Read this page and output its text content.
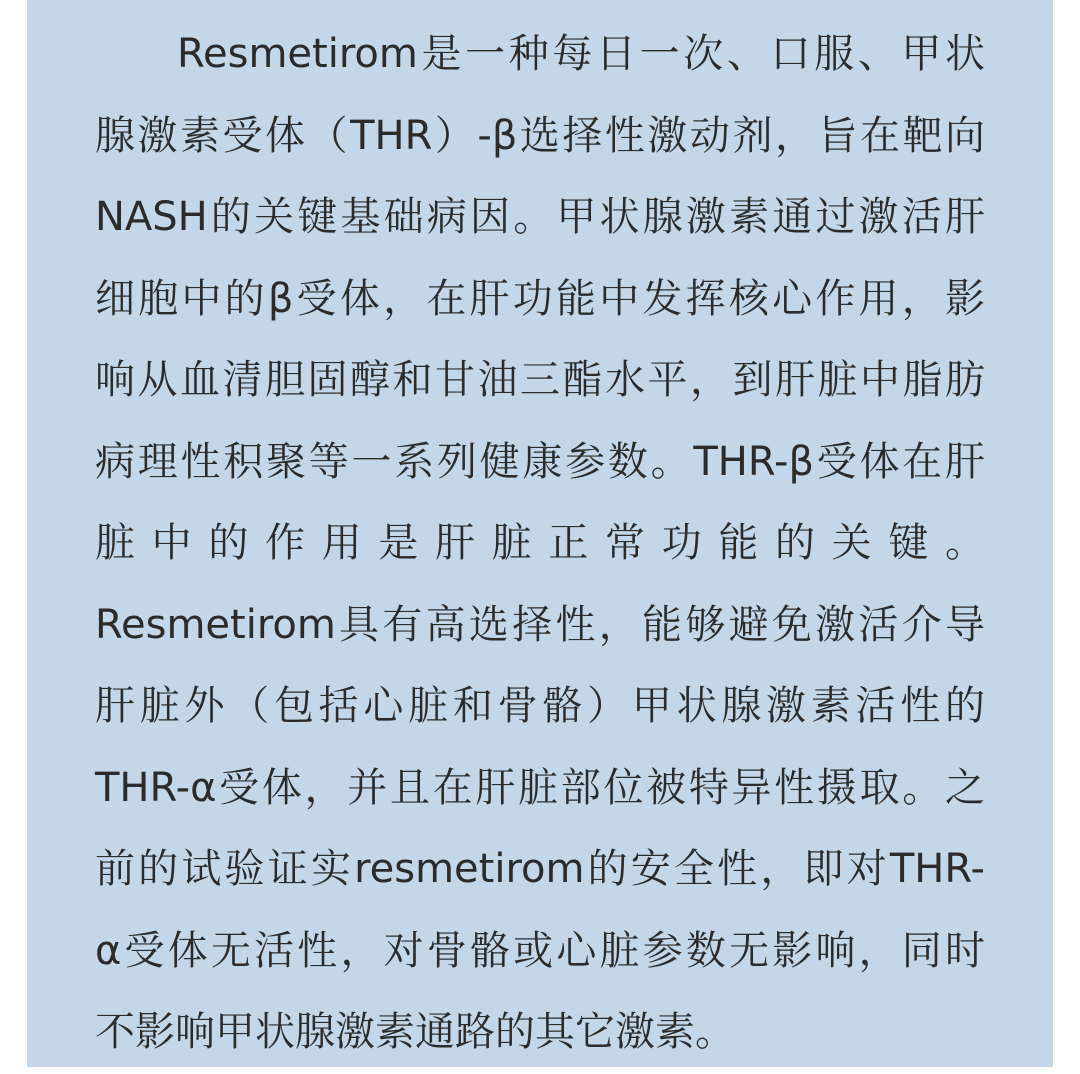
Resmetirom是一种每日一次、口服、甲状
腺激素受体（THR）-β选择性激动剂，旨在靶向
NASH的关键基础病因。甲状腺激素通过激活肝
细胞中的β受体，在肝功能中发挥核心作用，影
响从血清胆固醇和甘油三酯水平，到肝脏中脂肪
病理性积聚等一系列健康参数。THR-β受体在肝
脏 中 的 作 用 是 肝 脏 正 常 功 能 的 关 键 。
Resmetirom具有高选择性，能够避免激活介导
肝脏外（包括心脏和骨骼）甲状腺激素活性的
THR-α受体，并且在肝脏部位被特异性摄取。之
前的试验证实resmetirom的安全性，即对THR-
α受体无活性，对骨骼或心脏参数无影响，同时
不影响甲状腺激素通路的其它激素。
